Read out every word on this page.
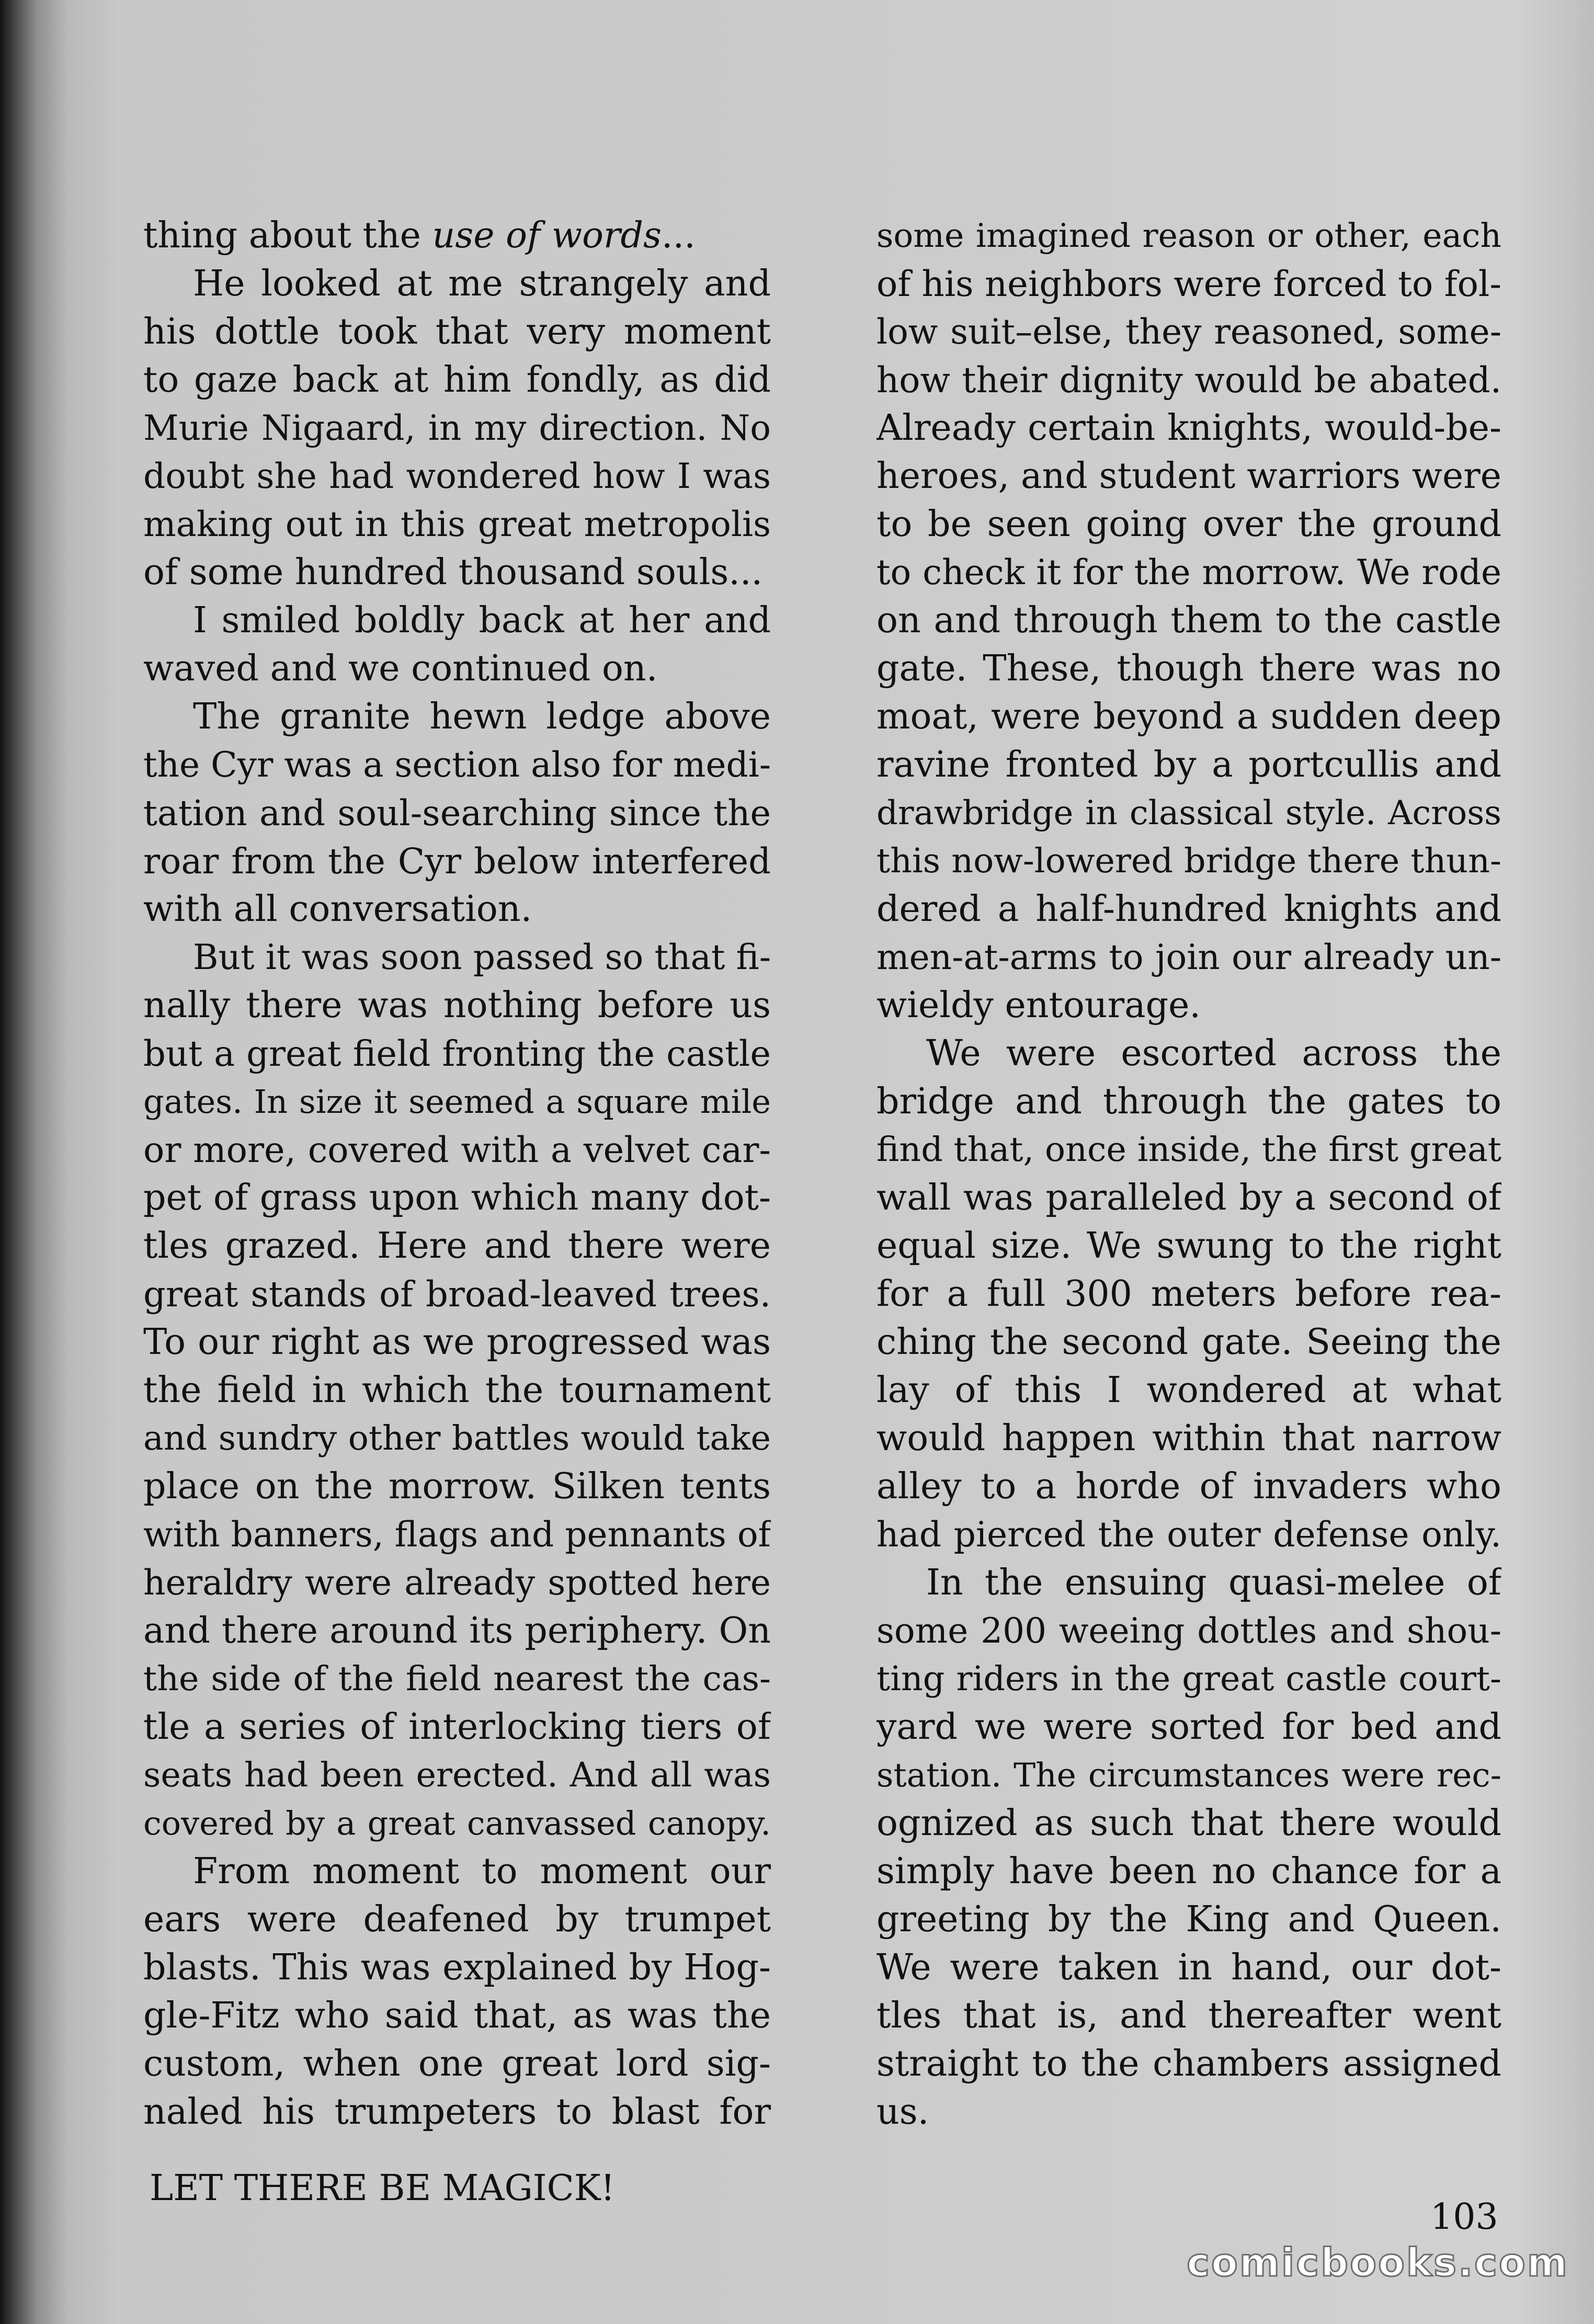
thing about the use of words...
He looked at me strangely and
his dottle took that very moment
to gaze back at him fondly, as did
Murie Nigaard, in my direction. No
doubt she had wondered how I was
making out in this great metropolis
of some hundred thousand souls...
I smiled boldly back at her and
waved and we continued on.
The granite hewn ledge above
the Cyr was a section also for medi-
tation and soul-searching since the
roar from the Cyr below interfered
with all conversation.
But it was soon passed so that fi-
nally there was nothing before us
but a great field fronting the castle
gates. In size it seemed a square mile
or more, covered with a velvet car-
pet of grass upon which many dot-
tles grazed. Here and there were
great stands of broad-leaved trees.
To our right as we progressed was
the field in which the tournament
and sundry other battles would take
place on the morrow. Silken tents
with banners, flags and pennants of
heraldry were already spotted here
and there around its periphery. On
the side of the field nearest the cas-
tle a series of interlocking tiers of
seats had been erected. And all was
covered by a great canvassed canopy.
From moment to moment our
ears were deafened by trumpet
blasts. This was explained by Hog-
gle-Fitz who said that, as was the
custom, when one great lord sig-
naled his trumpeters to blast for
some imagined reason or other, each
of his neighbors were forced to fol-
low suit–else, they reasoned, some-
how their dignity would be abated.
Already certain knights, would-be-
heroes, and student warriors were
to be seen going over the ground
to check it for the morrow. We rode
on and through them to the castle
gate. These, though there was no
moat, were beyond a sudden deep
ravine fronted by a portcullis and
drawbridge in classical style. Across
this now-lowered bridge there thun-
dered a half-hundred knights and
men-at-arms to join our already un-
wieldy entourage.
We were escorted across the
bridge and through the gates to
find that, once inside, the first great
wall was paralleled by a second of
equal size. We swung to the right
for a full 300 meters before rea-
ching the second gate. Seeing the
lay of this I wondered at what
would happen within that narrow
alley to a horde of invaders who
had pierced the outer defense only.
In the ensuing quasi-melee of
some 200 weeing dottles and shou-
ting riders in the great castle court-
yard we were sorted for bed and
station. The circumstances were rec-
ognized as such that there would
simply have been no chance for a
greeting by the King and Queen.
We were taken in hand, our dot-
tles that is, and thereafter went
straight to the chambers assigned
us.
LET THERE BE MAGICK!
103
comicbooks.com
